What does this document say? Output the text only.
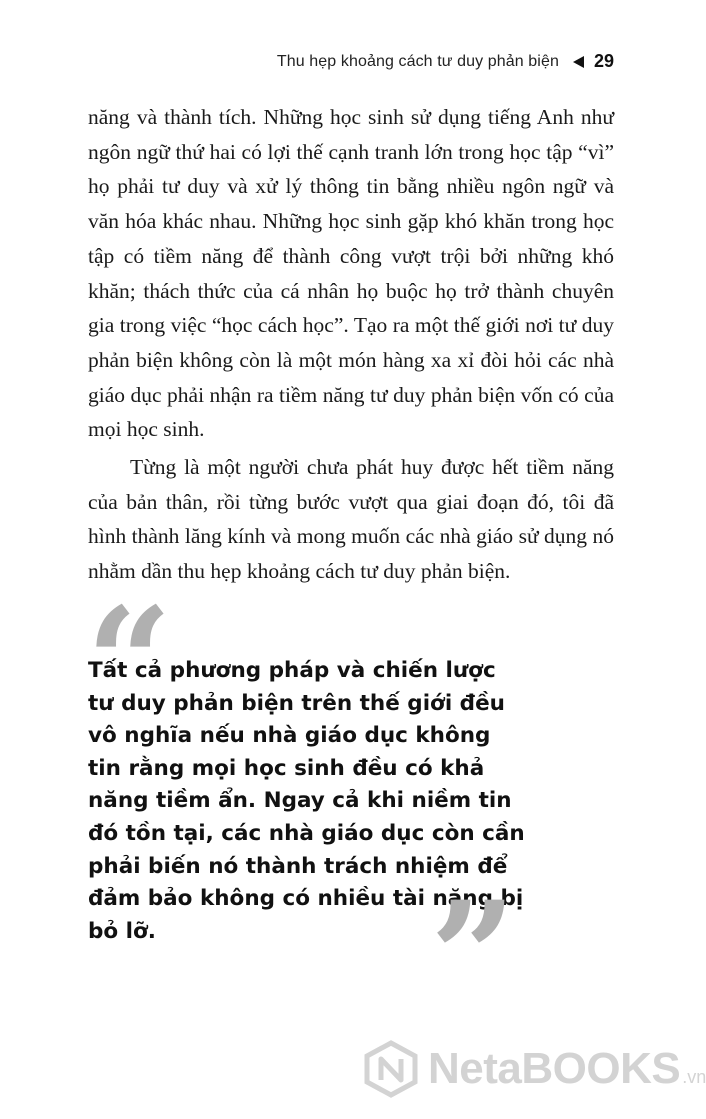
Thu hẹp khoảng cách tư duy phản biện 29

năng và thành tích. Những học sinh sử dụng tiếng Anh như ngôn ngữ thứ hai có lợi thế cạnh tranh lớn trong học tập “vì” họ phải tư duy và xử lý thông tin bằng nhiều ngôn ngữ và văn hóa khác nhau. Những học sinh gặp khó khăn trong học tập có tiềm năng để thành công vượt trội bởi những khó khăn; thách thức của cá nhân họ buộc họ trở thành chuyên gia trong việc “học cách học”. Tạo ra một thế giới nơi tư duy phản biện không còn là một món hàng xa xỉ đòi hỏi các nhà giáo dục phải nhận ra tiềm năng tư duy phản biện vốn có của mọi học sinh.

Từng là một người chưa phát huy được hết tiềm năng của bản thân, rồi từng bước vượt qua giai đoạn đó, tôi đã hình thành lăng kính và mong muốn các nhà giáo sử dụng nó nhằm dần thu hẹp khoảng cách tư duy phản biện.

“
Tất cả phương pháp và chiến lược tư duy phản biện trên thế giới đều vô nghĩa nếu nhà giáo dục không tin rằng mọi học sinh đều có khả năng tiềm ẩn. Ngay cả khi niềm tin đó tồn tại, các nhà giáo dục còn cần phải biến nó thành trách nhiệm để đảm bảo không có nhiều tài năng bị bỏ lỡ.	”
NetaBOOKS .vn
